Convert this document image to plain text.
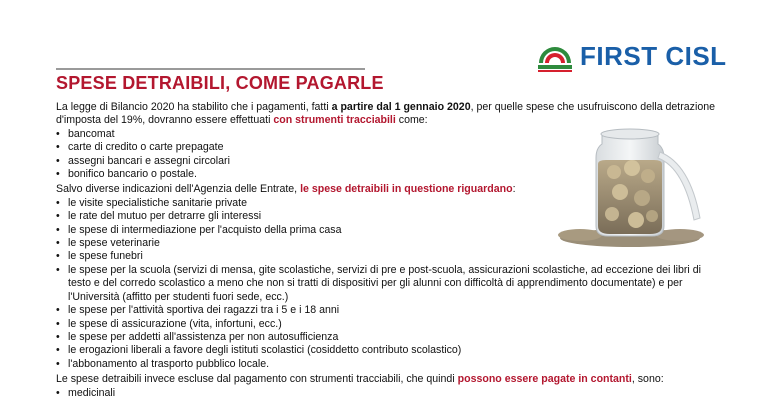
FIRST CISL
SPESE DETRAIBILI, COME PAGARLE

La legge di Bilancio 2020 ha stabilito che i pagamenti, fatti a partire dal 1 gennaio 2020, per quelle spese che usufruiscono della detrazione d'imposta del 19%, dovranno essere effettuati con strumenti tracciabili come:

• bancomat
• carte di credito o carte prepagate
• assegni bancari e assegni circolari
• bonifico bancario o postale.

Salvo diverse indicazioni dell'Agenzia delle Entrate, le spese detraibili in questione riguardano:

• le visite specialistiche sanitarie private
• le rate del mutuo per detrarre gli interessi
• le spese di intermediazione per l'acquisto della prima casa
• le spese veterinarie
• le spese funebri
• le spese per la scuola (servizi di mensa, gite scolastiche, servizi di pre e post-scuola, assicurazioni scolastiche, ad eccezione dei libri di testo e del corredo scolastico a meno che non si tratti di dispositivi per gli alunni con difficoltà di apprendimento documentate) e per l'Università (affitto per studenti fuori sede, ecc.)
• le spese per l'attività sportiva dei ragazzi tra i 5 e i 18 anni
• le spese di assicurazione (vita, infortuni, ecc.)
• le spese per addetti all'assistenza per non autosufficienza
• le erogazioni liberali a favore degli istituti scolastici (cosiddetto contributo scolastico)
• l'abbonamento al trasporto pubblico locale.

Le spese detraibili invece escluse dal pagamento con strumenti tracciabili, che quindi possono essere pagate in contanti, sono:

• medicinali
